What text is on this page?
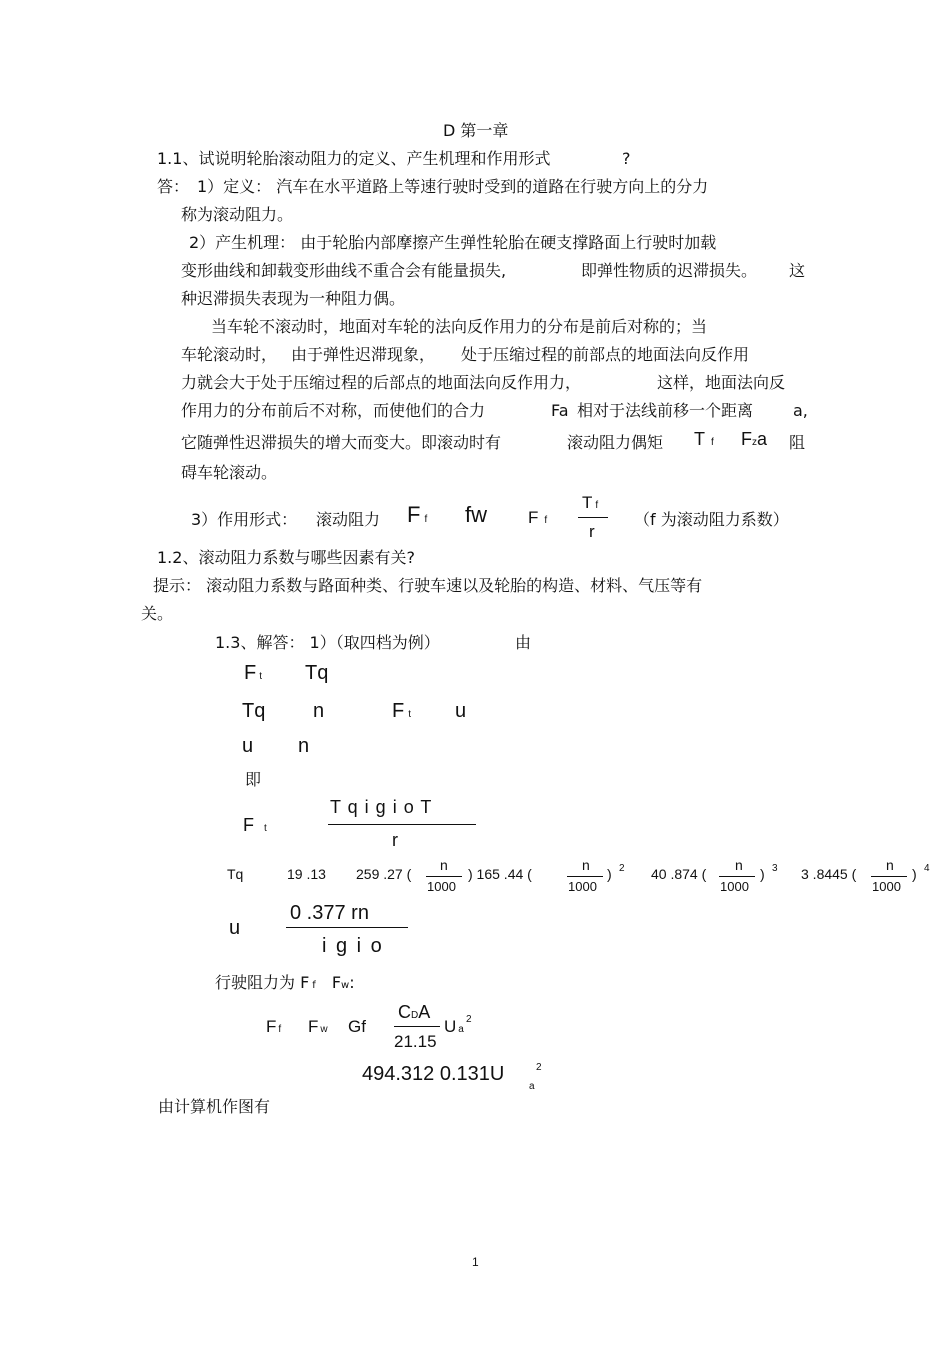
D 第一章
1.1、试说明轮胎滚动阻力的定义、产生机理和作用形式	?
答： 1）定义： 汽车在水平道路上等速行驶时受到的道路在行驶方向上的分力
称为滚动阻力。
2）产生机理： 由于轮胎内部摩擦产生弹性轮胎在硬支撑路面上行驶时加载
变形曲线和卸载变形曲线不重合会有能量损失,	即弹性物质的迟滞损失。 这
种迟滞损失表现为一种阻力偶。
当车轮不滚动时，地面对车轮的法向反作用力的分布是前后对称的；当
车轮滚动时， 由于弹性迟滞现象， 处于压缩过程的前部点的地面法向反作用
力就会大于处于压缩过程的后部点的地面法向反作用力，	这样，地面法向反
作用力的分布前后不对称，而使他们的合力	Fa 相对于法线前移一个距离 a,
它随弹性迟滞损失的增大而变大。即滚动时有	滚动阻力偶矩 Tf Fza 阻
碍车轮滚动。
3）作用形式： 滚动阻力 Ff fw Ff
Tf
r
（f 为滚动阻力系数）
1.2、滚动阻力系数与哪些因素有关?
提示： 滚动阻力系数与路面种类、行驶车速以及轮胎的构造、材料、气压等有
关。
1.3、解答： 1）（取四档为例）	由
Ft Tq
Tq n	Ft u
u n
即
F t
T q i g i o T
r
Tq	19 .13 259 .27 (
n
1000
) 165 .44 (
n
1000
) 2 40 .874 (
n
1000
) 3 3 .8445 (
n
1000
) 4
u
0 .377 rn
i g i o
行驶阻力为 F f Fw:
Ff Fw Gf
CDA
21.15
Ua
2
494.312 0.131U
a
2
由计算机作图有
1
